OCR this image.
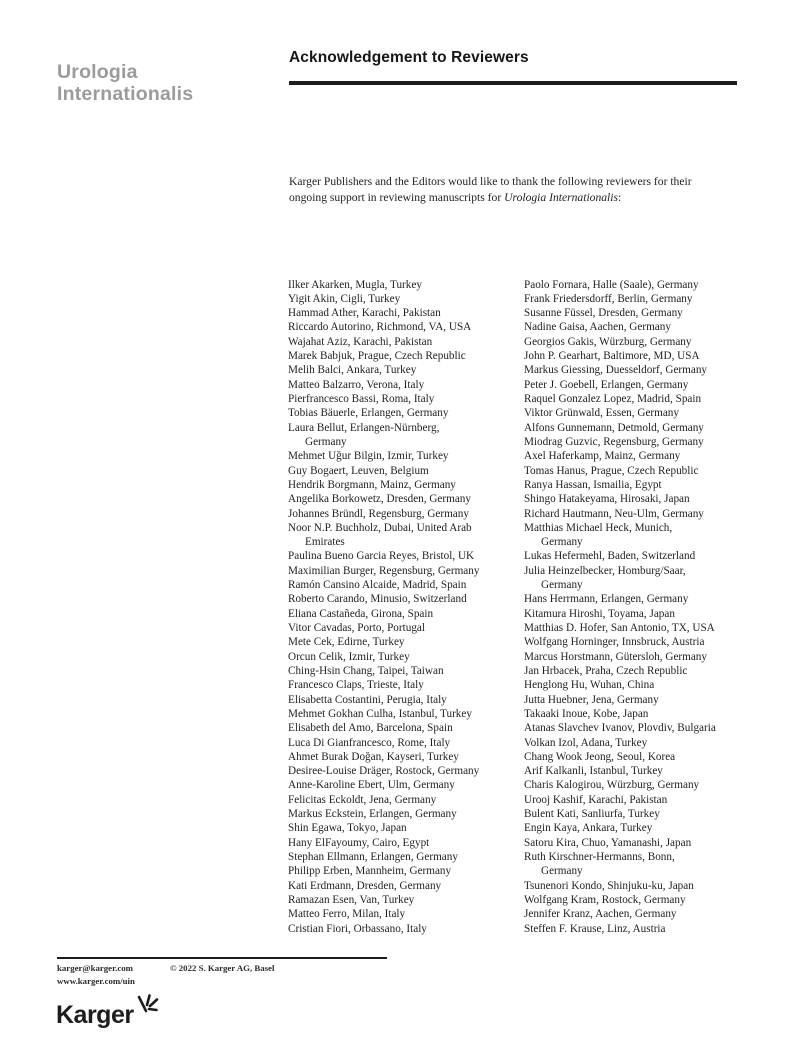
Urologia
Internationalis
Acknowledgement to Reviewers
Karger Publishers and the Editors would like to thank the following reviewers for their
ongoing support in reviewing manuscripts for Urologia Internationalis:
Ilker Akarken, Mugla, Turkey
Yigit Akin, Cigli, Turkey
Hammad Ather, Karachi, Pakistan
Riccardo Autorino, Richmond, VA, USA
Wajahat Aziz, Karachi, Pakistan
Marek Babjuk, Prague, Czech Republic
Melih Balci, Ankara, Turkey
Matteo Balzarro, Verona, Italy
Pierfrancesco Bassi, Roma, Italy
Tobias Bäuerle, Erlangen, Germany
Laura Bellut, Erlangen-Nürnberg,
Germany
Mehmet Uğur Bilgin, Izmir, Turkey
Guy Bogaert, Leuven, Belgium
Hendrik Borgmann, Mainz, Germany
Angelika Borkowetz, Dresden, Germany
Johannes Bründl, Regensburg, Germany
Noor N.P. Buchholz, Dubai, United Arab
Emirates
Paulina Bueno Garcia Reyes, Bristol, UK
Maximilian Burger, Regensburg, Germany
Ramón Cansino Alcaide, Madrid, Spain
Roberto Carando, Minusio, Switzerland
Eliana Castañeda, Girona, Spain
Vitor Cavadas, Porto, Portugal
Mete Cek, Edirne, Turkey
Orcun Celik, Izmir, Turkey
Ching-Hsin Chang, Taipei, Taiwan
Francesco Claps, Trieste, Italy
Elisabetta Costantini, Perugia, Italy
Mehmet Gokhan Culha, Istanbul, Turkey
Elisabeth del Amo, Barcelona, Spain
Luca Di Gianfrancesco, Rome, Italy
Ahmet Burak Doğan, Kayseri, Turkey
Desiree-Louise Dräger, Rostock, Germany
Anne-Karoline Ebert, Ulm, Germany
Felicitas Eckoldt, Jena, Germany
Markus Eckstein, Erlangen, Germany
Shin Egawa, Tokyo, Japan
Hany ElFayoumy, Cairo, Egypt
Stephan Ellmann, Erlangen, Germany
Philipp Erben, Mannheim, Germany
Kati Erdmann, Dresden, Germany
Ramazan Esen, Van, Turkey
Matteo Ferro, Milan, Italy
Cristian Fiori, Orbassano, Italy
Paolo Fornara, Halle (Saale), Germany
Frank Friedersdorff, Berlin, Germany
Susanne Füssel, Dresden, Germany
Nadine Gaisa, Aachen, Germany
Georgios Gakis, Würzburg, Germany
John P. Gearhart, Baltimore, MD, USA
Markus Giessing, Duesseldorf, Germany
Peter J. Goebell, Erlangen, Germany
Raquel Gonzalez Lopez, Madrid, Spain
Viktor Grünwald, Essen, Germany
Alfons Gunnemann, Detmold, Germany
Miodrag Guzvic, Regensburg, Germany
Axel Haferkamp, Mainz, Germany
Tomas Hanus, Prague, Czech Republic
Ranya Hassan, Ismailia, Egypt
Shingo Hatakeyama, Hirosaki, Japan
Richard Hautmann, Neu-Ulm, Germany
Matthias Michael Heck, Munich,
Germany
Lukas Hefermehl, Baden, Switzerland
Julia Heinzelbecker, Homburg/Saar,
Germany
Hans Herrmann, Erlangen, Germany
Kitamura Hiroshi, Toyama, Japan
Matthias D. Hofer, San Antonio, TX, USA
Wolfgang Horninger, Innsbruck, Austria
Marcus Horstmann, Gütersloh, Germany
Jan Hrbacek, Praha, Czech Republic
Henglong Hu, Wuhan, China
Jutta Huebner, Jena, Germany
Takaaki Inoue, Kobe, Japan
Atanas Slavchev Ivanov, Plovdiv, Bulgaria
Volkan Izol, Adana, Turkey
Chang Wook Jeong, Seoul, Korea
Arif Kalkanli, Istanbul, Turkey
Charis Kalogirou, Würzburg, Germany
Urooj Kashif, Karachi, Pakistan
Bulent Kati, Sanliurfa, Turkey
Engin Kaya, Ankara, Turkey
Satoru Kira, Chuo, Yamanashi, Japan
Ruth Kirschner-Hermanns, Bonn,
Germany
Tsunenori Kondo, Shinjuku-ku, Japan
Wolfgang Kram, Rostock, Germany
Jennifer Kranz, Aachen, Germany
Steffen F. Krause, Linz, Austria
karger@karger.com
www.karger.com/uin
© 2022 S. Karger AG, Basel
Karger
